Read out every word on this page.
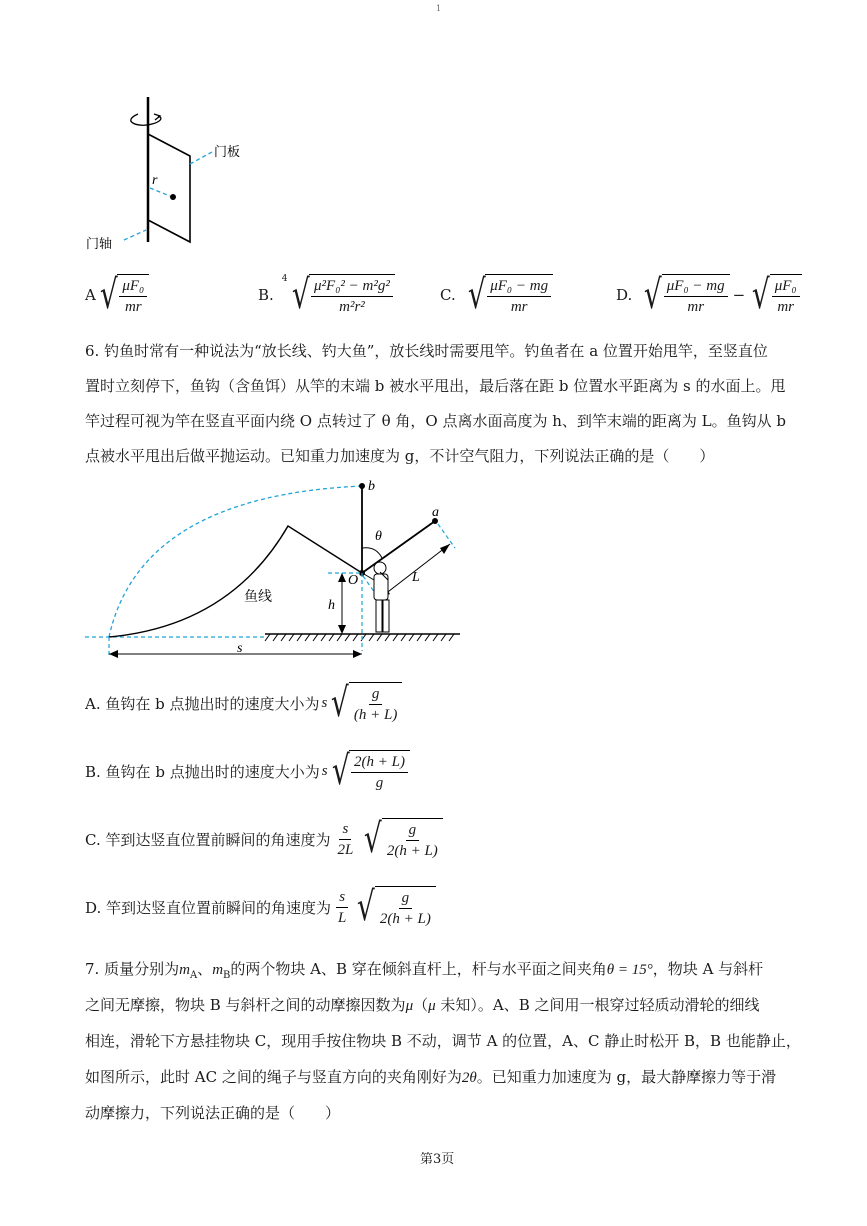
1
门板
门轴
r
A √ $\frac{\text{μF₀}}{mr}$	B.
4 √ $\frac{\text{μ²F₀² − m²g²}}{\text{m²r²}}$	C. √ $\frac{\text{μF₀ − mg}}{mr}$	D. √ $\frac{\text{μF₀ − mg}}{mr}$ − √ $\frac{\text{μF₀}}{mr}$
6. 钓鱼时常有一种说法为“放长线、钓大鱼”，放长线时需要甩竿。钓鱼者在 a 位置开始甩竿，至竖直位
置时立刻停下，鱼钩（含鱼饵）从竿的末端 b 被水平甩出，最后落在距 b 位置水平距离为 s 的水面上。甩
竿过程可视为竿在竖直平面内绕 O 点转过了 θ 角，O 点离水面高度为 h、到竿末端的距离为 L。鱼钩从 b
点被水平甩出后做平抛运动。已知重力加速度为 g，不计空气阻力，下列说法正确的是（　　）
b
a
θ
O	L
h
s
鱼线
A. 鱼钩在 b 点抛出时的速度大小为 s √ $\frac{g}{(h + L)}$
B. 鱼钩在 b 点抛出时的速度大小为 s √ $\frac{2(h + L)}{g}$
C. 竿到达竖直位置前瞬间的角速度为 $\frac{s}{2L}$ √ $\frac{g}{2(h + L)}$
D. 竿到达竖直位置前瞬间的角速度为 $\frac{s}{L}$ √ $\frac{g}{2(h + L)}$
7. 质量分别为$m_A$、$m_B$的两个物块 A、B 穿在倾斜直杆上，杆与水平面之间夹角θ = 15°，物块 A 与斜杆
之间无摩擦，物块 B 与斜杆之间的动摩擦因数为μ（μ 未知）。A、B 之间用一根穿过轻质动滑轮的细线
相连，滑轮下方悬挂物块 C，现用手按住物块 B 不动，调节 A 的位置，A、C 静止时松开 B，B 也能静止，
如图所示，此时 AC 之间的绳子与竖直方向的夹角刚好为2θ。已知重力加速度为 g，最大静摩擦力等于滑
动摩擦力，下列说法正确的是（　　）
第3页
